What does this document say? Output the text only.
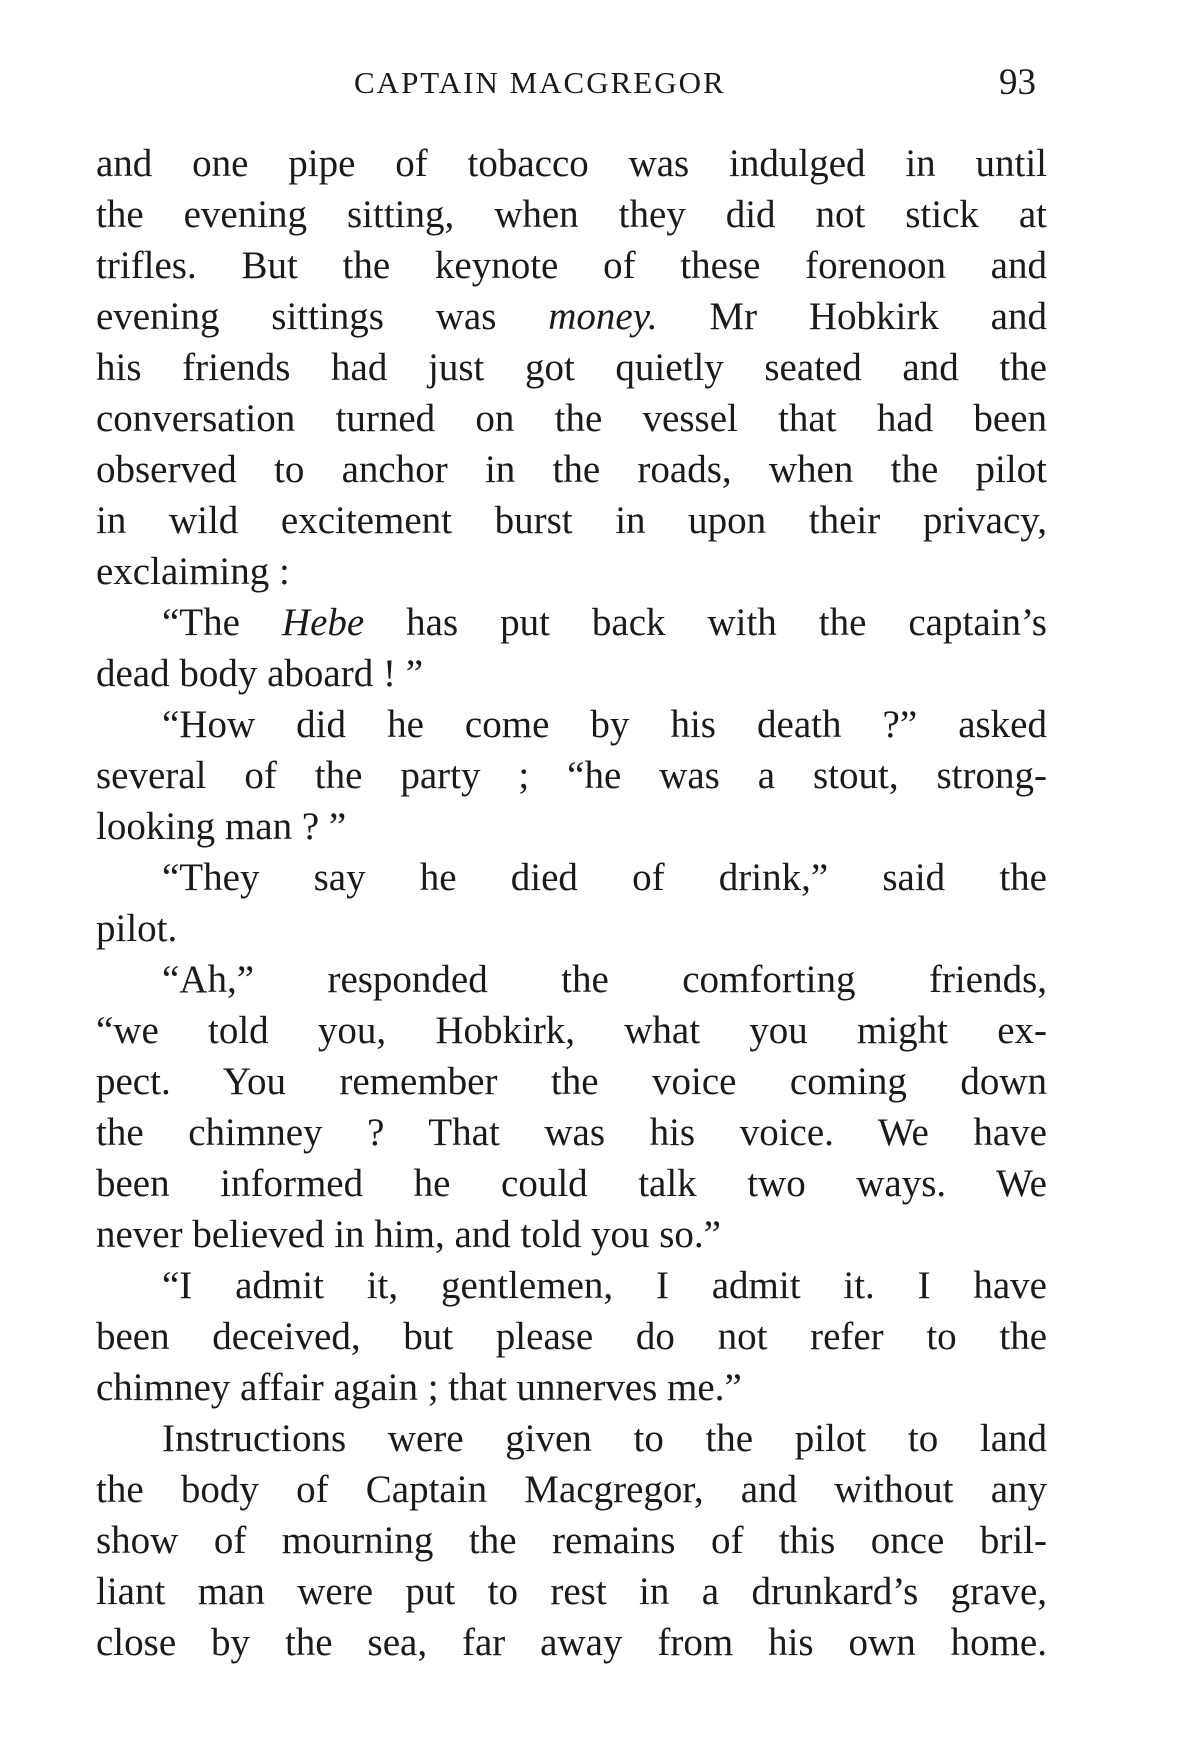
CAPTAIN MACGREGOR	93
and one pipe of tobacco was indulged in until
the evening sitting, when they did not stick at
trifles. But the keynote of these forenoon and
evening sittings was money. Mr Hobkirk and
his friends had just got quietly seated and the
conversation turned on the vessel that had been
observed to anchor in the roads, when the pilot
in wild excitement burst in upon their privacy,
exclaiming :
“The Hebe has put back with the captain’s
dead body aboard ! ”
“How did he come by his death ?” asked
several of the party ; “he was a stout, strong-
looking man ? ”
“They say he died of drink,” said the
pilot.
“Ah,” responded the comforting friends,
“we told you, Hobkirk, what you might ex-
pect. You remember the voice coming down
the chimney ? That was his voice. We have
been informed he could talk two ways. We
never believed in him, and told you so.”
“I admit it, gentlemen, I admit it. I have
been deceived, but please do not refer to the
chimney affair again ; that unnerves me.”
Instructions were given to the pilot to land
the body of Captain Macgregor, and without any
show of mourning the remains of this once bril-
liant man were put to rest in a drunkard’s grave,
close by the sea, far away from his own home.
